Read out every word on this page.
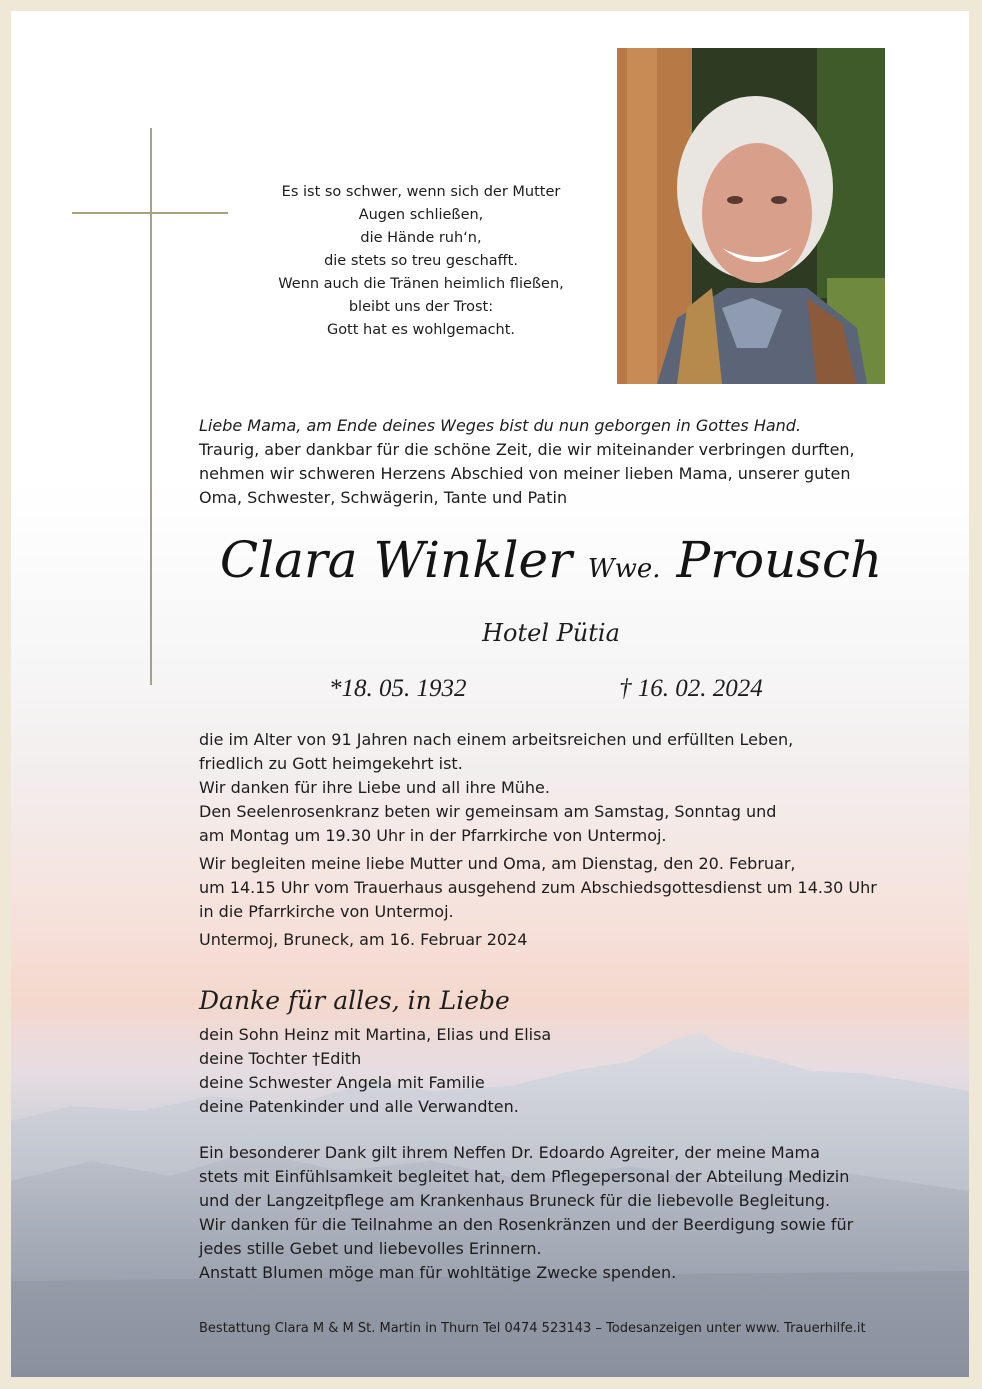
Es ist so schwer, wenn sich der Mutter
Augen schließen,
die Hände ruh‘n,
die stets so treu geschafft.
Wenn auch die Tränen heimlich fließen,
bleibt uns der Trost:
Gott hat es wohlgemacht.

Liebe Mama, am Ende deines Weges bist du nun geborgen in Gottes Hand.

Traurig, aber dankbar für die schöne Zeit, die wir miteinander verbringen durften,

nehmen wir schweren Herzens Abschied von meiner lieben Mama, unserer guten

Oma, Schwester, Schwägerin, Tante und Patin

Clara Winkler Wwe. Prousch
Hotel Pütia
*18. 05. 1932	† 16. 02. 2024

die im Alter von 91 Jahren nach einem arbeitsreichen und erfüllten Leben,
friedlich zu Gott heimgekehrt ist.
Wir danken für ihre Liebe und all ihre Mühe.
Den Seelenrosenkranz beten wir gemeinsam am Samstag, Sonntag und
am Montag um 19.30 Uhr in der Pfarrkirche von Untermoj.

Wir begleiten meine liebe Mutter und Oma, am Dienstag, den 20. Februar,
um 14.15 Uhr vom Trauerhaus ausgehend zum Abschiedsgottesdienst um 14.30 Uhr
in die Pfarrkirche von Untermoj.

Untermoj, Bruneck, am 16. Februar 2024

Danke für alles, in Liebe
dein Sohn Heinz mit Martina, Elias und Elisa
deine Tochter †Edith
deine Schwester Angela mit Familie
deine Patenkinder und alle Verwandten.

Ein besonderer Dank gilt ihrem Neffen Dr. Edoardo Agreiter, der meine Mama

stets mit Einfühlsamkeit begleitet hat, dem Pflegepersonal der Abteilung Medizin

und der Langzeitpflege am Krankenhaus Bruneck für die liebevolle Begleitung.

Wir danken für die Teilnahme an den Rosenkränzen und der Beerdigung sowie für

jedes stille Gebet und liebevolles Erinnern.

Anstatt Blumen möge man für wohltätige Zwecke spenden.

Bestattung Clara M & M St. Martin in Thurn Tel 0474 523143 – Todesanzeigen unter www. Trauerhilfe.it
